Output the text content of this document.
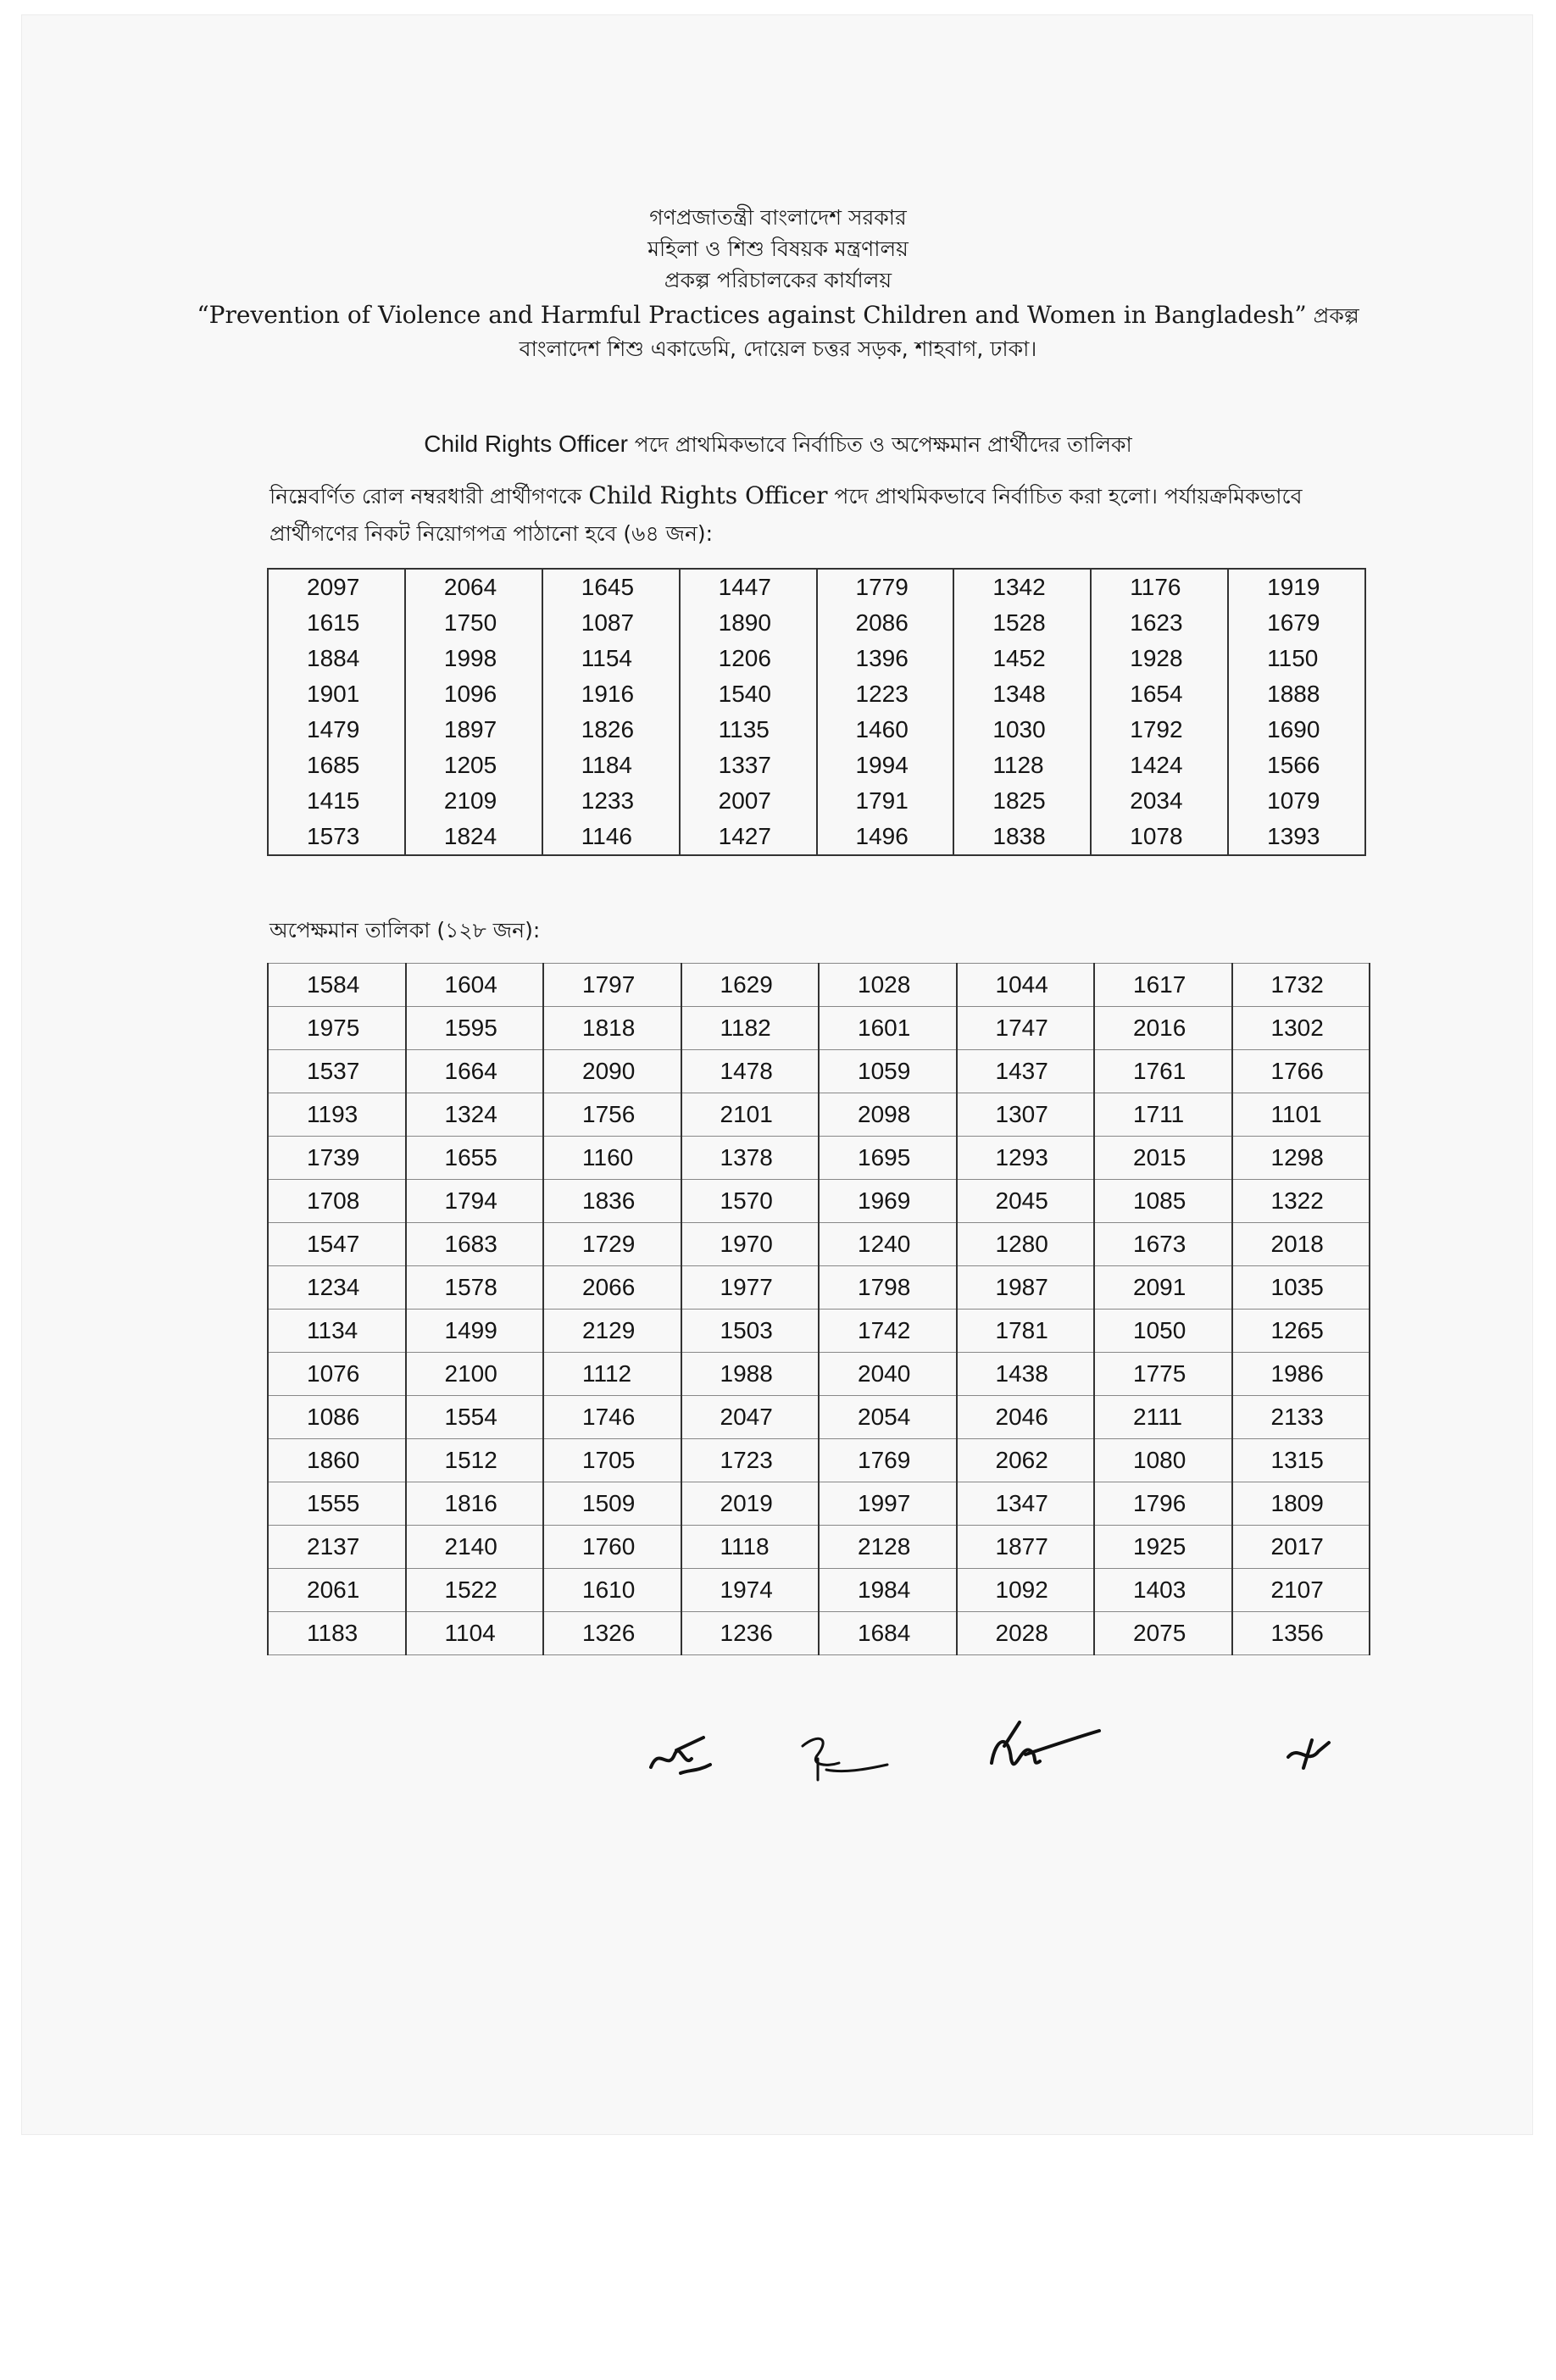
গণপ্রজাতন্ত্রী বাংলাদেশ সরকার
মহিলা ও শিশু বিষয়ক মন্ত্রণালয়
প্রকল্প পরিচালকের কার্যালয়
“Prevention of Violence and Harmful Practices against Children and Women in Bangladesh” প্রকল্প
বাংলাদেশ শিশু একাডেমি, দোয়েল চত্তর সড়ক, শাহবাগ, ঢাকা।
Child Rights Officer পদে প্রাথমিকভাবে নির্বাচিত ও অপেক্ষমান প্রার্থীদের তালিকা
নিম্নেবর্ণিত রোল নম্বরধারী প্রার্থীগণকে Child Rights Officer পদে প্রাথমিকভাবে নির্বাচিত করা হলো। পর্যায়ক্রমিকভাবে প্রার্থীগণের নিকট নিয়োগপত্র পাঠানো হবে (৬৪ জন):
2097	2064	1645	1447	1779	1342	1176	1919
1615	1750	1087	1890	2086	1528	1623	1679
1884	1998	1154	1206	1396	1452	1928	1150
1901	1096	1916	1540	1223	1348	1654	1888
1479	1897	1826	1135	1460	1030	1792	1690
1685	1205	1184	1337	1994	1128	1424	1566
1415	2109	1233	2007	1791	1825	2034	1079
1573	1824	1146	1427	1496	1838	1078	1393
অপেক্ষমান তালিকা (১২৮ জন):
1584	1604	1797	1629	1028	1044	1617	1732
1975	1595	1818	1182	1601	1747	2016	1302
1537	1664	2090	1478	1059	1437	1761	1766
1193	1324	1756	2101	2098	1307	1711	1101
1739	1655	1160	1378	1695	1293	2015	1298
1708	1794	1836	1570	1969	2045	1085	1322
1547	1683	1729	1970	1240	1280	1673	2018
1234	1578	2066	1977	1798	1987	2091	1035
1134	1499	2129	1503	1742	1781	1050	1265
1076	2100	1112	1988	2040	1438	1775	1986
1086	1554	1746	2047	2054	2046	2111	2133
1860	1512	1705	1723	1769	2062	1080	1315
1555	1816	1509	2019	1997	1347	1796	1809
2137	2140	1760	1118	2128	1877	1925	2017
2061	1522	1610	1974	1984	1092	1403	2107
1183	1104	1326	1236	1684	2028	2075	1356
